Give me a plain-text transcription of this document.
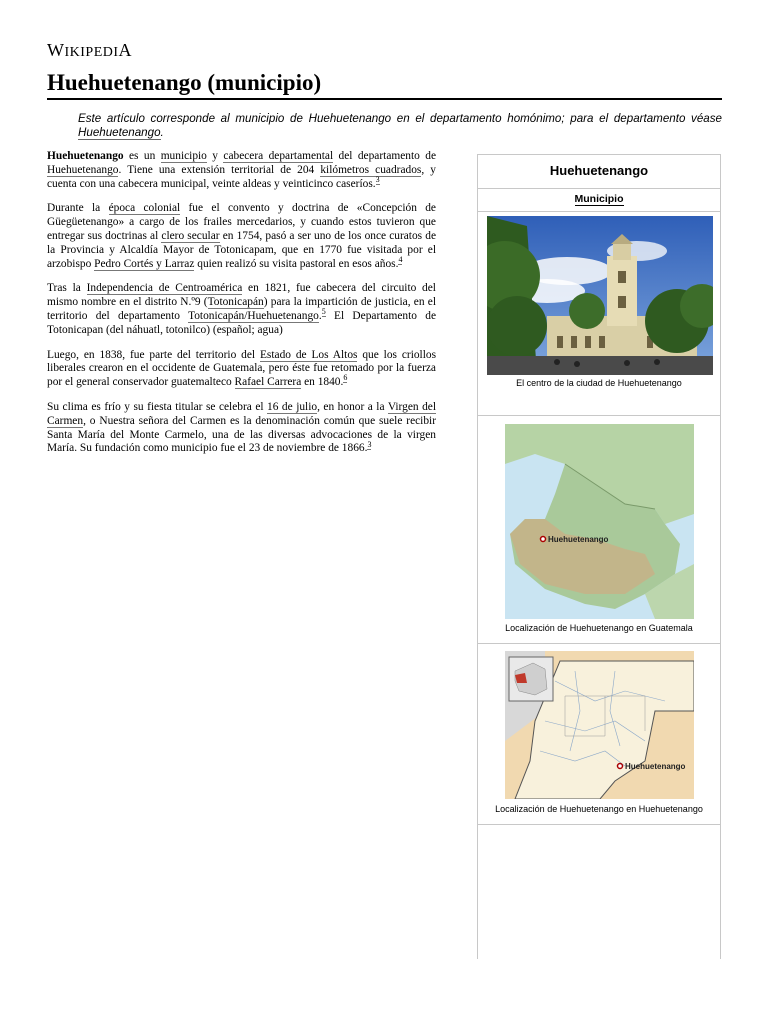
WIKIPEDIA
Huehuetenango (municipio)
Este artículo corresponde al municipio de Huehuetenango en el departamento homónimo; para el departamento véase Huehuetenango.

Huehuetenango es un municipio y cabecera departamental del departamento de Huehuetenango. Tiene una extensión territorial de 204 kilómetros cuadrados, y cuenta con una cabecera municipal, veinte aldeas y veinticinco caseríos.$^3$

Durante la época colonial fue el convento y doctrina de «Concepción de Güegüetenango» a cargo de los frailes mercedarios, y cuando estos tuvieron que entregar sus doctrinas al clero secular en 1754, pasó a ser uno de los once curatos de la Provincia y Alcaldía Mayor de Totonicapam, que en 1770 fue visitada por el arzobispo Pedro Cortés y Larraz quien realizó su visita pastoral en esos años.$^4$

Tras la Independencia de Centroamérica en 1821, fue cabecera del circuito del mismo nombre en el distrito N.º9 (Totonicapán) para la impartición de justicia, en el territorio del departamento Totonicapán/Huehuetenango.$^5$ El Departamento de Totonicapan (del náhuatl, totonilco) (español; agua)

Luego, en 1838, fue parte del territorio del Estado de Los Altos que los criollos liberales crearon en el occidente de Guatemala, pero éste fue retomado por la fuerza por el general conservador guatemalteco Rafael Carrera en 1840.$^6$

Su clima es frío y su fiesta titular se celebra el 16 de julio, en honor a la Virgen del Carmen, o Nuestra señora del Carmen es la denominación común que suele recibir Santa María del Monte Carmelo, una de las diversas advocaciones de la virgen María. Su fundación como municipio fue el 23 de noviembre de 1866.$^3$

Huehuetenango
Municipio
El centro de la ciudad de Huehuetenango
Huehuetenango
Localización de Huehuetenango en Guatemala
Huehuetenango
Localización de Huehuetenango en Huehuetenango
